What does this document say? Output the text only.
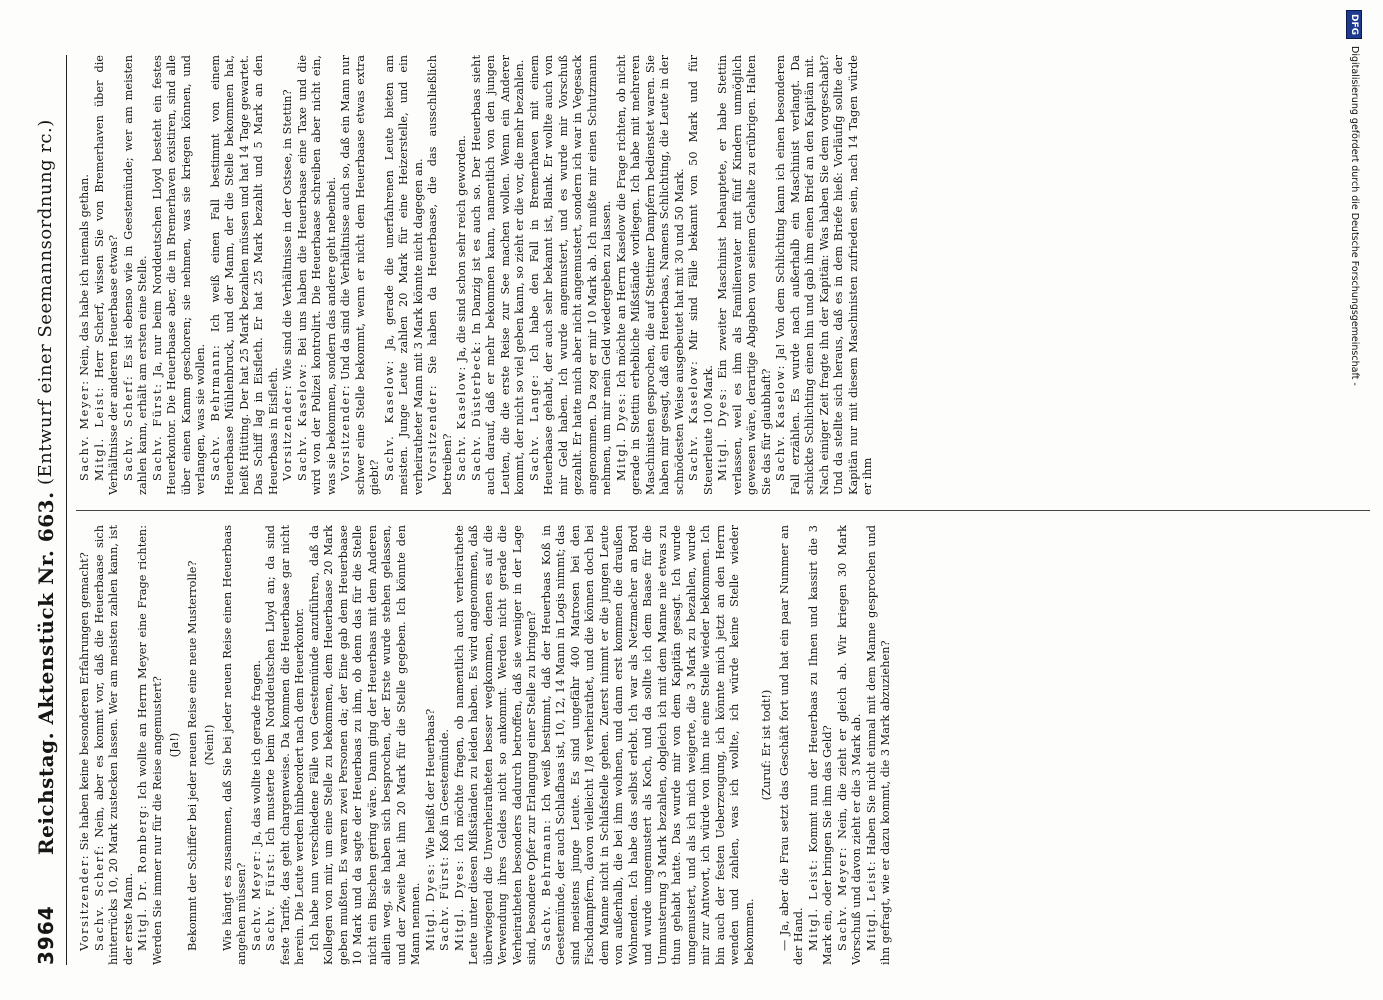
3964
Reichstag. Aktenstück Nr. 663.
(Entwurf einer Seemannsordnung rc.)

Vorsitzender: Sie haben keine besonderen Erfahrungen gemacht?

Sachv. Scherf: Nein, aber es kommt vor, daß die Heuerbaase sich hinterrücks 10, 20 Mark zustecken lassen. Wer am meisten zahlen kann, ist der erste Mann. Mitgl. Dr. Romberg: Ich wollte an Herrn Meyer eine Frage richten: Werden Sie immer nur für die Reise angemustert? (Ja!) Bekommt der Schiffer bei jeder neuen Reise eine neue Musterrolle? (Nein!) Wie hängt es zusammen, daß Sie bei jeder neuen Reise einen Heuerbaas angehen müssen? Sachv. Meyer: Ja, das wollte ich gerade fragen.

Sachv. Fürst: Ich musterte beim Norddeutschen Lloyd an; da sind feste Tarife, das geht chargenweise. Da kommen die Heuerbaase gar nicht herein. Die Leute werden hinbeordert nach dem Heuerkontor. Ich habe nun verschiedene Fälle von Geestemünde anzuführen, daß da Kollegen von mir, um eine Stelle zu bekommen, dem Heuerbaase 20 Mark geben mußten. Es waren zwei Personen da; der Eine gab dem Heuerbaase 10 Mark und da sagte der Heuerbaas zu ihm, ob denn das für die Stelle nicht ein Bischen gering wäre. Dann ging der Heuerbaas mit dem Anderen allein weg, sie haben sich besprochen, der Erste wurde stehen gelassen, und der Zweite hat ihm 20 Mark für die Stelle gegeben. Ich könnte den Mann nennen. Mitgl. Dyes: Wie heißt der Heuerbaas?

Sachv. Fürst: Koß in Geestemünde.

Mitgl. Dyes: Ich möchte fragen, ob namentlich auch verheirathete Leute unter diesen Mißständen zu leiden haben. Es wird angenommen, daß überwiegend die Unverheiratheten besser wegkommen, denen es auf die Verwendung ihres Geldes nicht so ankommt. Werden nicht gerade die Verheiratheten besonders dadurch betroffen, daß sie weniger in der Lage sind, besondere Opfer zur Erlangung einer Stelle zu bringen? Sachv. Behrmann: Ich weiß bestimmt, daß der Heuerbaas Koß in Geestemünde, der auch Schlafbaas ist, 10, 12, 14 Mann in Logis nimmt; das sind meistens junge Leute. Es sind ungefähr 400 Matrosen bei den Fischdampfern, davon vielleicht 1/8 verheirathet, und die können doch bei dem Manne nicht in Schlafstelle gehen. Zuerst nimmt er die jungen Leute von außerhalb, die bei ihm wohnen, und dann erst kommen die draußen Wohnenden. Ich habe das selbst erlebt. Ich war als Netzmacher an Bord und wurde umgemustert als Koch, und da sollte ich dem Baase für die Ummusterung 3 Mark bezahlen, obgleich ich mit dem Manne nie etwas zu thun gehabt hatte. Das wurde mir von dem Kapitän gesagt. Ich wurde umgemustert, und als ich mich weigerte, die 3 Mark zu bezahlen, wurde mir zur Antwort, ich würde von ihm nie eine Stelle wieder bekommen. Ich bin auch der festen Ueberzeugung, ich könnte mich jetzt an den Herrn wenden und zahlen, was ich wollte, ich würde keine Stelle wieder bekommen.

(Zuruf: Er ist todt!) — Ja, aber die Frau setzt das Geschäft fort und hat ein paar Nummer an der Hand. Mitgl. Leist: Kommt nun der Heuerbaas zu Ihnen und kassirt die 3 Mark ein, oder bringen Sie ihm das Geld? Sachv. Meyer: Nein, die zieht er gleich ab. Wir kriegen 30 Mark Vorschuß und davon zieht er die 3 Mark ab. Mitgl. Leist: Haben Sie nicht einmal mit dem Manne gesprochen und ihn gefragt, wie er dazu kommt, die 3 Mark abzuziehen?

Sachv. Meyer: Nein, das habe ich niemals gethan.

Mitgl. Leist: Herr Scherf, wissen Sie von Bremerhaven über die Verhältnisse der anderen Heuerbaase etwas? Sachv. Scherf: Es ist ebenso wie in Geestemünde; wer am meisten zahlen kann, erhält am ersten eine Stelle. Sachv. Fürst: Ja, nur beim Norddeutschen Lloyd besteht ein festes Heuerkontor. Die Heuerbaase aber, die in Bremerhaven existiren, sind alle über einen Kamm geschoren; sie nehmen, was sie kriegen können, und verlangen, was sie wollen. Sachv. Behrmann: Ich weiß einen Fall bestimmt von einem Heuerbaase Mühlenbruck, und der Mann, der die Stelle bekommen hat, heißt Hütting. Der hat 25 Mark bezahlen müssen und hat 14 Tage gewartet. Das Schiff lag in Eisfleth. Er hat 25 Mark bezahlt und 5 Mark an den Heuerbaas in Eisfleth. Vorsitzender: Wie sind die Verhältnisse in der Ostsee, in Stettin?

Sachv. Kaselow: Bei uns haben die Heuerbaase eine Taxe und die wird von der Polizei kontrolirt. Die Heuerbaase schreiben aber nicht ein, was sie bekommen, sondern das andere geht nebenbei. Vorsitzender: Und da sind die Verhältnisse auch so, daß ein Mann nur schwer eine Stelle bekommt, wenn er nicht dem Heuerbaase etwas extra giebt? Sachv. Kaselow: Ja, gerade die unerfahrenen Leute bieten am meisten. Junge Leute zahlen 20 Mark für eine Heizerstelle, und ein verheiratheter Mann mit 3 Mark könnte nicht dagegen an. Vorsitzender: Sie haben da Heuerbaase, die das ausschließlich betreiben? Sachv. Kaselow: Ja, die sind schon sehr reich geworden.

Sachv. Düsterbeck: In Danzig ist es auch so. Der Heuerbaas sieht auch darauf, daß er mehr bekommen kann, namentlich von den jungen Leuten, die die erste Reise zur See machen wollen. Wenn ein Anderer kommt, der nicht so viel geben kann, so zieht er die vor, die mehr bezahlen. Sachv. Lange: Ich habe den Fall in Bremerhaven mit einem Heuerbaase gehabt, der auch sehr bekannt ist, Blank. Er wollte auch von mir Geld haben. Ich wurde angemustert, und es wurde mir Vorschuß gezahlt. Er hatte mich aber nicht angemustert, sondern ich war in Vegesack angenommen. Da zog er mir 10 Mark ab. Ich mußte mir einen Schutzmann nehmen, um mir mein Geld wiedergeben zu lassen. Mitgl. Dyes: Ich möchte an Herrn Kaselow die Frage richten, ob nicht gerade in Stettin erhebliche Mißstände vorliegen. Ich habe mit mehreren Maschinisten gesprochen, die auf Stettiner Dampfern bedienstet waren. Sie haben mir gesagt, daß ein Heuerbaas, Namens Schlichting, die Leute in der schnödesten Weise ausgebeutet hat mit 30 und 50 Mark. Sachv. Kaselow: Mir sind Fälle bekannt von 50 Mark und für Steuerleute 100 Mark. Mitgl. Dyes: Ein zweiter Maschinist behauptete, er habe Stettin verlassen, weil es ihm als Familienvater mit fünf Kindern unmöglich gewesen wäre, derartige Abgaben von seinem Gehalte zu erübrigen. Halten Sie das für glaubhaft? Sachv. Kaselow: Ja! Von dem Schlichting kann ich einen besonderen Fall erzählen. Es wurde nach außerhalb ein Maschinist verlangt. Da schickte Schlichting einen hin und gab ihm einen Brief an den Kapitän mit. Nach einiger Zeit fragte ihn der Kapitän: Was haben Sie dem vorgeschabt? Und da stellte sich heraus, daß es in dem Briefe hieß: Vorläufig sollte der Kapitän nur mit diesem Maschinisten zufrieden sein, nach 14 Tagen würde er ihm

DFG Digitalisierung gefördert durch die Deutsche Forschungsgemeinschaft -
